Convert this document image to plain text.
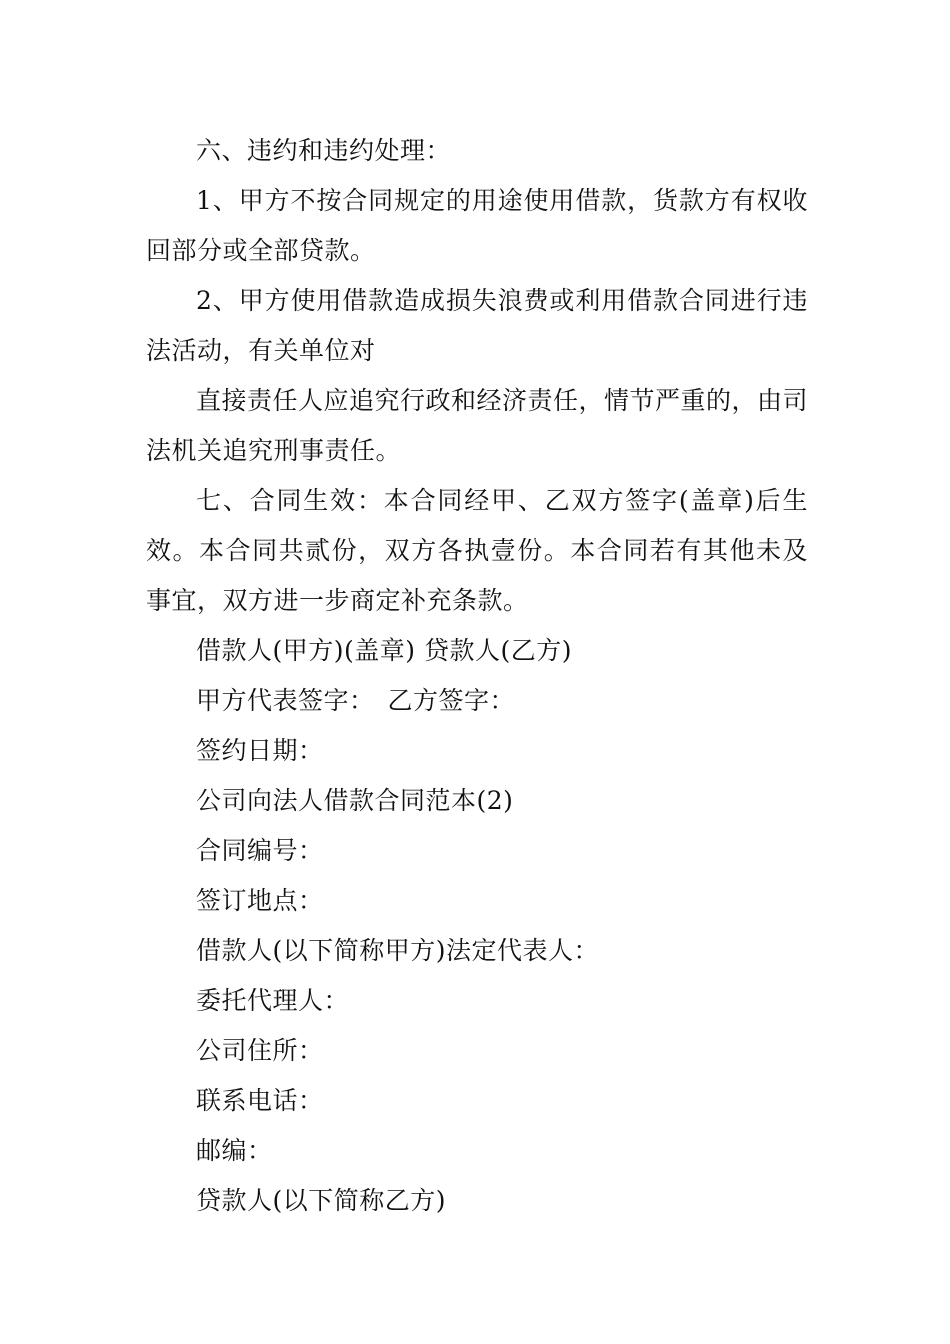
六、违约和违约处理：

1、甲方不按合同规定的用途使用借款，货款方有权收回部分或全部贷款。

2、甲方使用借款造成损失浪费或利用借款合同进行违法活动，有关单位对

直接责任人应追究行政和经济责任，情节严重的，由司法机关追究刑事责任。

七、合同生效：本合同经甲、乙双方签字(盖章)后生效。本合同共贰份，双方各执壹份。本合同若有其他未及事宜，双方进一步商定补充条款。

借款人(甲方)(盖章) 贷款人(乙方)

甲方代表签字：　乙方签字：

签约日期：

公司向法人借款合同范本(2)

合同编号：

签订地点：

借款人(以下简称甲方)法定代表人：

委托代理人：

公司住所：

联系电话：

邮编：

贷款人(以下简称乙方)
